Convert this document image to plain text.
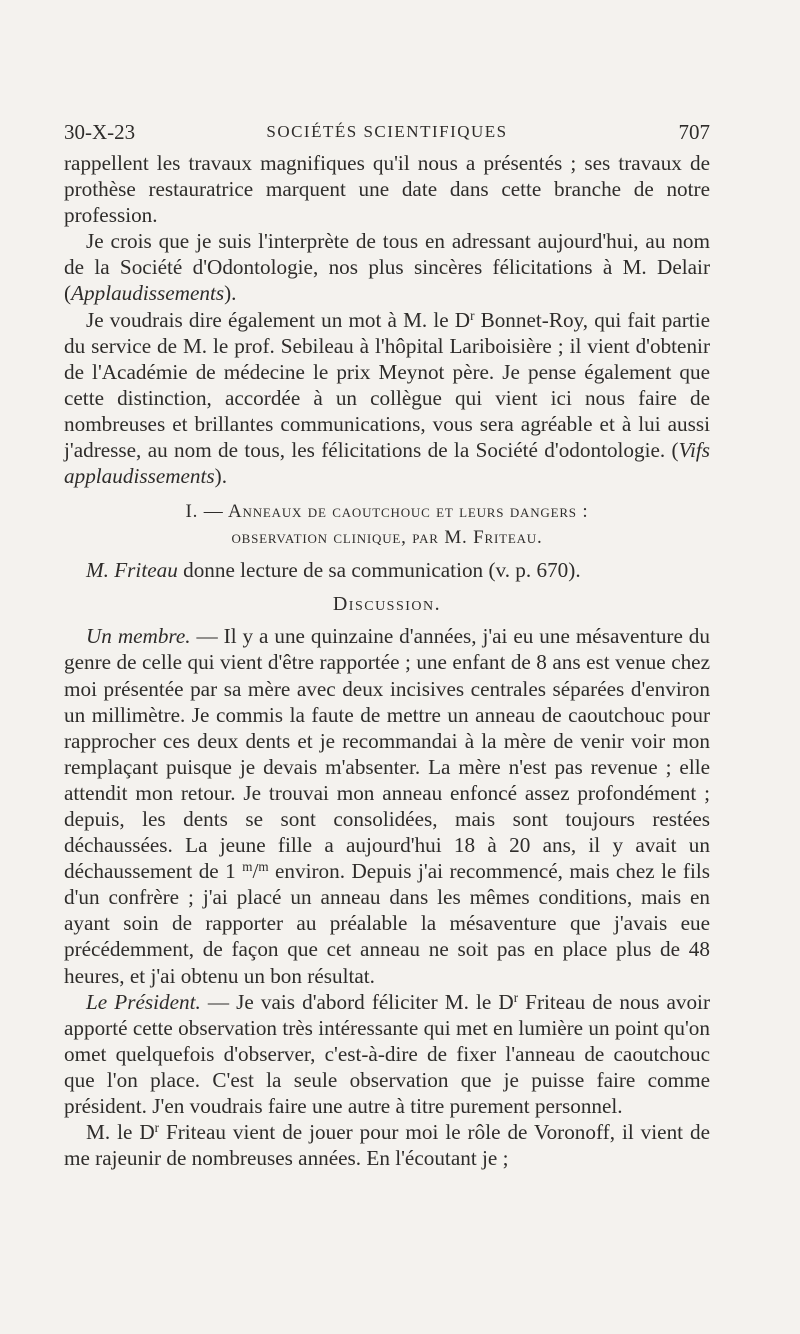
30-X-23	SOCIÉTÉS SCIENTIFIQUES	707

rappellent les travaux magnifiques qu'il nous a présentés ; ses travaux de prothèse restauratrice marquent une date dans cette branche de notre profession.

Je crois que je suis l'interprète de tous en adressant aujourd'hui, au nom de la Société d'Odontologie, nos plus sincères félicitations à M. Delair (Applaudissements).

Je voudrais dire également un mot à M. le $D^r$ Bonnet-Roy, qui fait partie du service de M. le prof. Sebileau à l'hôpital Lariboisière ; il vient d'obtenir de l'Académie de médecine le prix Meynot père. Je pense également que cette distinction, accordée à un collègue qui vient ici nous faire de nombreuses et brillantes communications, vous sera agréable et à lui aussi j'adresse, au nom de tous, les félicitations de la Société d'odontologie. (Vifs applaudissements).

I. — Anneaux de caoutchouc et leurs dangers :
observation clinique, par M. Friteau.

M. Friteau donne lecture de sa communication (v. p. 670).

Discussion.

Un membre. — Il y a une quinzaine d'années, j'ai eu une mésaventure du genre de celle qui vient d'être rapportée ; une enfant de 8 ans est venue chez moi présentée par sa mère avec deux incisives centrales séparées d'environ un millimètre. Je commis la faute de mettre un anneau de caoutchouc pour rapprocher ces deux dents et je recommandai à la mère de venir voir mon remplaçant puisque je devais m'absenter. La mère n'est pas revenue ; elle attendit mon retour. Je trouvai mon anneau enfoncé assez profondément ; depuis, les dents se sont consolidées, mais sont toujours restées déchaussées. La jeune fille a aujourd'hui 18 à 20 ans, il y avait un déchaussement de 1 $^m$/$^m$ environ. Depuis j'ai recommencé, mais chez le fils d'un confrère ; j'ai placé un anneau dans les mêmes conditions, mais en ayant soin de rapporter au préalable la mésaventure que j'avais eue précédemment, de façon que cet anneau ne soit pas en place plus de 48 heures, et j'ai obtenu un bon résultat.

Le Président. — Je vais d'abord féliciter M. le $D^r$ Friteau de nous avoir apporté cette observation très intéressante qui met en lumière un point qu'on omet quelquefois d'observer, c'est-à-dire de fixer l'anneau de caoutchouc que l'on place. C'est la seule observation que je puisse faire comme président. J'en voudrais faire une autre à titre purement personnel.

M. le $D^r$ Friteau vient de jouer pour moi le rôle de Voronoff, il vient de me rajeunir de nombreuses années. En l'écoutant je ;
